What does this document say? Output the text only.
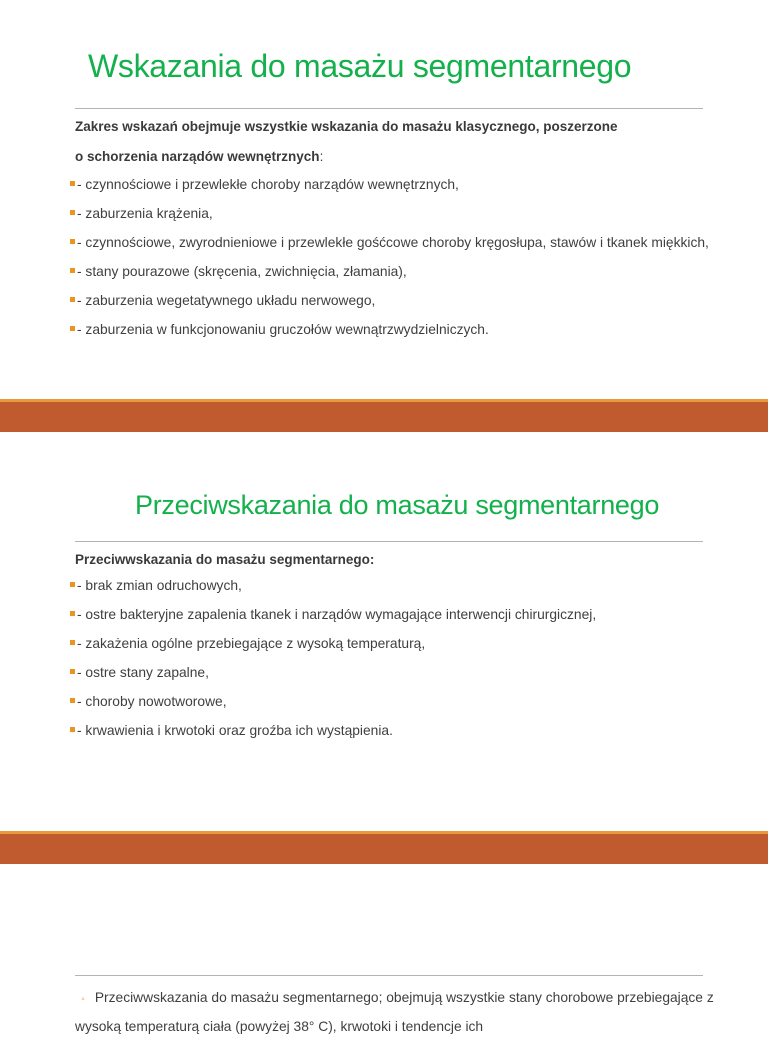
Wskazania do masażu segmentarnego
Zakres wskazań obejmuje wszystkie wskazania do masażu klasycznego, poszerzone
o schorzenia narządów wewnętrznych:
- czynnościowe i przewlekłe choroby narządów wewnętrznych,
- zaburzenia krążenia,
- czynnościowe, zwyrodnieniowe i przewlekłe gośćcowe choroby kręgosłupa, stawów i tkanek miękkich,
- stany pourazowe (skręcenia, zwichnięcia, złamania),
- zaburzenia wegetatywnego układu nerwowego,
- zaburzenia w funkcjonowaniu gruczołów wewnątrzwydzielniczych.
Przeciwskazania do masażu segmentarnego
Przeciwwskazania do masażu segmentarnego:
- brak zmian odruchowych,
- ostre bakteryjne zapalenia tkanek i narządów wymagające interwencji chirurgicznej,
- zakażenia ogólne przebiegające z wysoką temperaturą,
- ostre stany zapalne,
- choroby nowotworowe,
- krwawienia i krwotoki oraz groźba ich wystąpienia.

◦ Przeciwwskazania do masażu segmentarnego; obejmują wszystkie stany chorobowe przebiegające z wysoką temperaturą ciała (powyżej 38° C), krwotoki i tendencje ich
